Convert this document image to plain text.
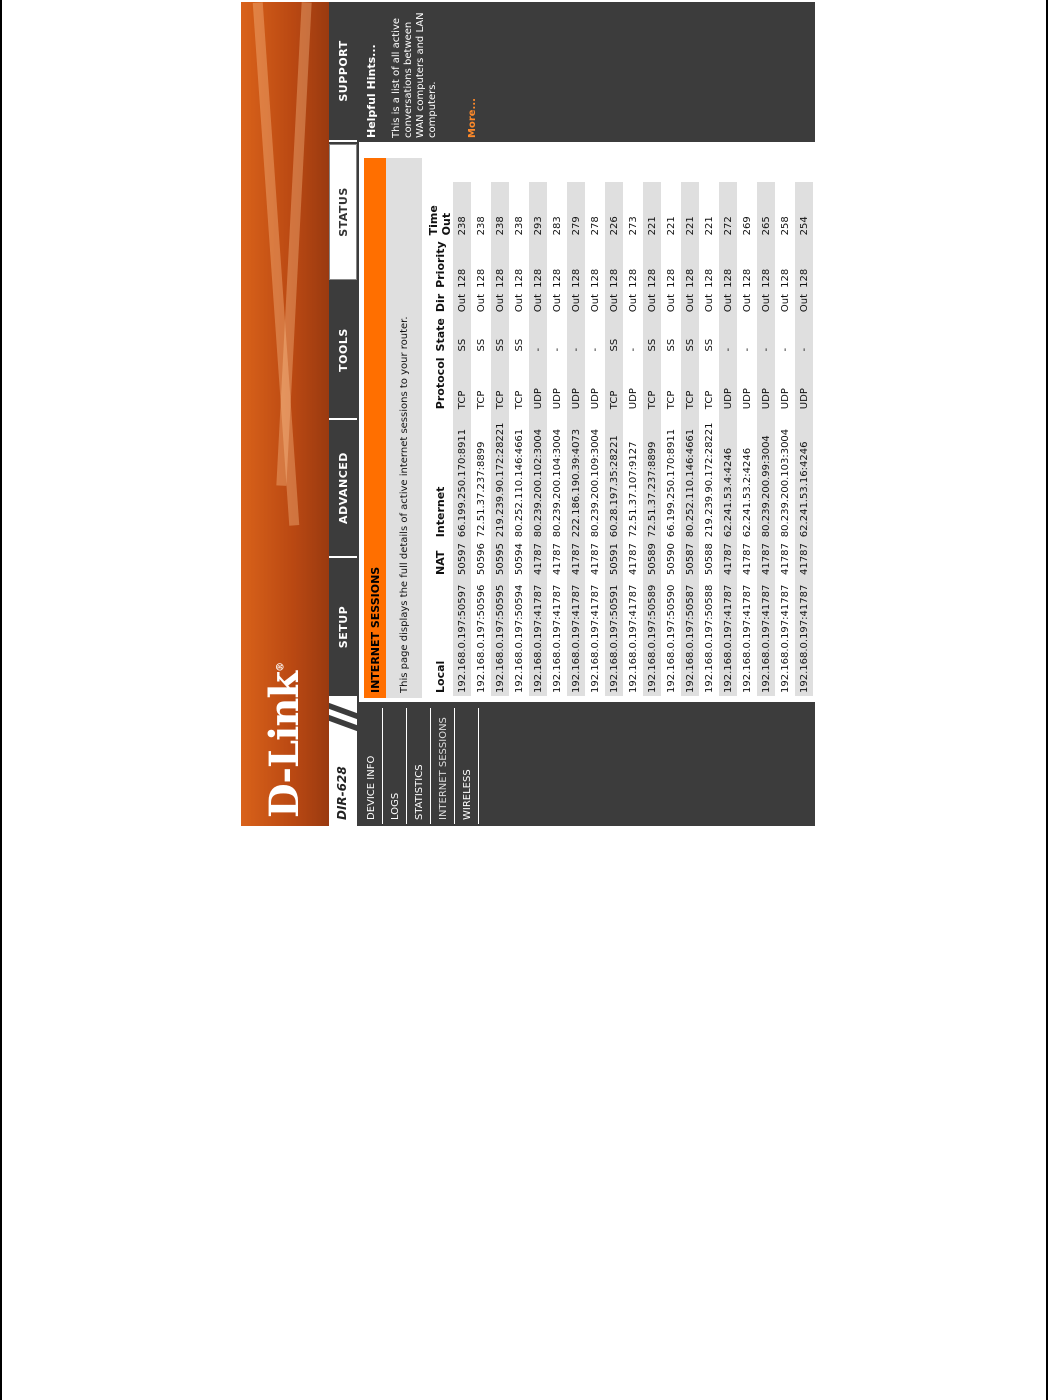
D-Link®
DIR-628
SETUP
ADVANCED
TOOLS
STATUS
SUPPORT
DEVICE INFO	LOGS	STATISTICS	INTERNET SESSIONS	WIRELESS
INTERNET SESSIONS	This page displays the full details of active internet sessions to your router.	Local	NAT	Internet	Protocol	State	Dir	Priority	Time Out
192.168.0.197:50597	50597	66.199.250.170:8911	TCP	SS	Out	128	238
192.168.0.197:50596	50596	72.51.37.237:8899	TCP	SS	Out	128	238
192.168.0.197:50595	50595	219.239.90.172:28221	TCP	SS	Out	128	238
192.168.0.197:50594	50594	80.252.110.146:4661	TCP	SS	Out	128	238
192.168.0.197:41787	41787	80.239.200.102:3004	UDP	-	Out	128	293
192.168.0.197:41787	41787	80.239.200.104:3004	UDP	-	Out	128	283
192.168.0.197:41787	41787	222.186.190.39:4073	UDP	-	Out	128	279
192.168.0.197:41787	41787	80.239.200.109:3004	UDP	-	Out	128	278
192.168.0.197:50591	50591	60.28.197.35:28221	TCP	SS	Out	128	226
192.168.0.197:41787	41787	72.51.37.107:9127	UDP	-	Out	128	273
192.168.0.197:50589	50589	72.51.37.237:8899	TCP	SS	Out	128	221
192.168.0.197:50590	50590	66.199.250.170:8911	TCP	SS	Out	128	221
192.168.0.197:50587	50587	80.252.110.146:4661	TCP	SS	Out	128	221
192.168.0.197:50588	50588	219.239.90.172:28221	TCP	SS	Out	128	221
192.168.0.197:41787	41787	62.241.53.4:4246	UDP	-	Out	128	272
192.168.0.197:41787	41787	62.241.53.2:4246	UDP	-	Out	128	269
192.168.0.197:41787	41787	80.239.200.99:3004	UDP	-	Out	128	265
192.168.0.197:41787	41787	80.239.200.103:3004	UDP	-	Out	128	258
192.168.0.197:41787	41787	62.241.53.16:4246	UDP	-	Out	128	254
Helpful Hints... This is a list of all active conversations between WAN computers and LAN computers.	More...
